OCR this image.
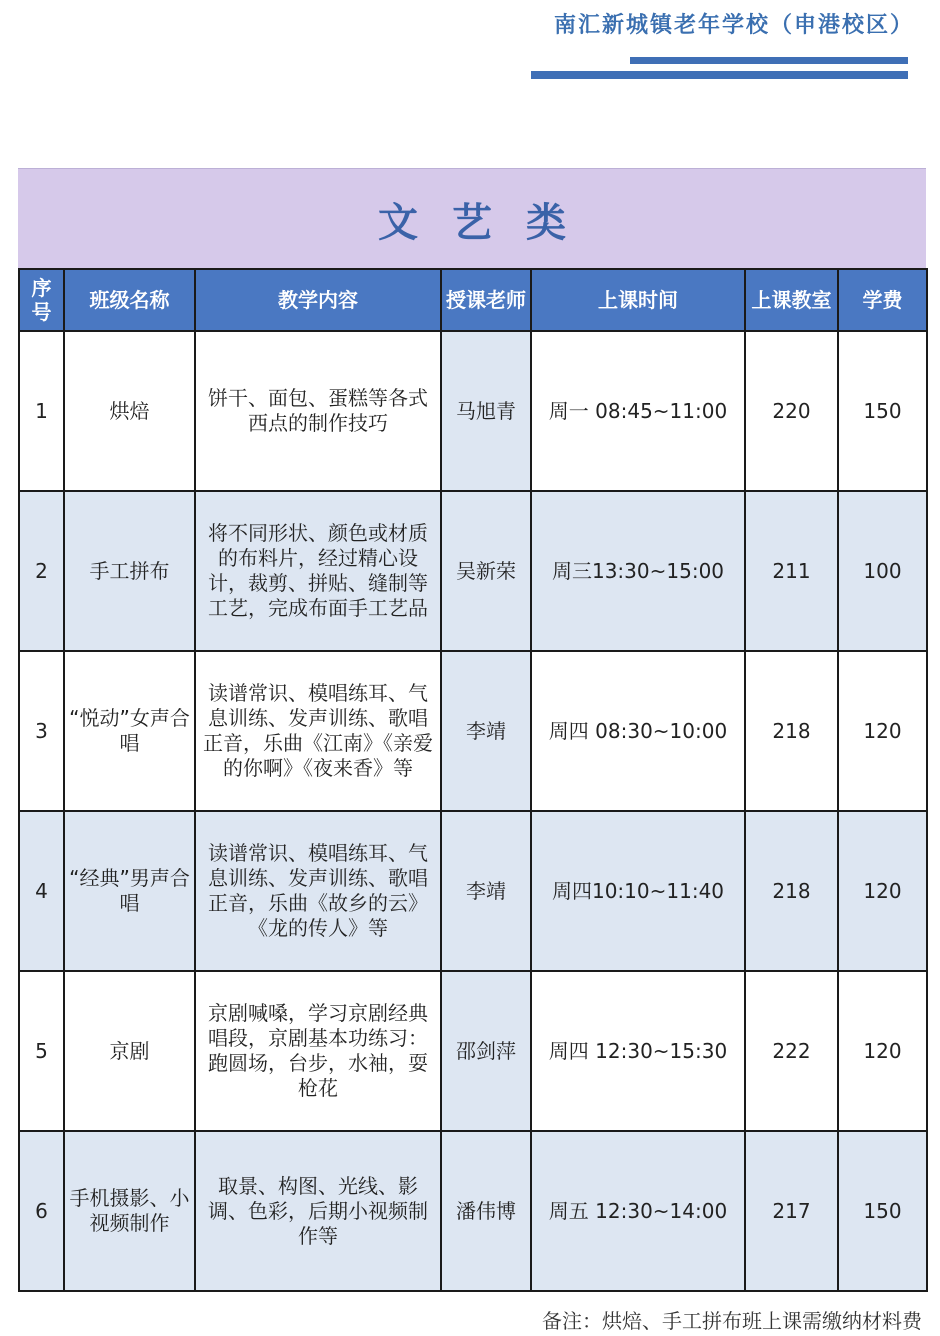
南汇新城镇老年学校（申港校区）
文艺类
序号	班级名称	教学内容	授课老师	上课时间	上课教室	学费
1	烘焙	饼干、面包、蛋糕等各式西点的制作技巧	马旭青	周一 08:45~11:00	220	150
2	手工拼布	将不同形状、颜色或材质的布料片，经过精心设计，裁剪、拼贴、缝制等工艺，完成布面手工艺品	吴新荣	周三13:30~15:00	211	100
3	“悦动”女声合唱	读谱常识、模唱练耳、气息训练、发声训练、歌唱 正音，乐曲《江南》《亲爱的你啊》《夜来香》等	李靖	周四 08:30~10:00	218	120
4	“经典”男声合唱	读谱常识、模唱练耳、气息训练、发声训练、歌唱 正音，乐曲《故乡的云》《龙的传人》等	李靖	周四10:10~11:40	218	120
5	京剧	京剧喊嗓，学习京剧经典唱段，京剧基本功练习：跑圆场，台步，水袖，耍枪花	邵剑萍	周四 12:30~15:30	222	120
6	手机摄影、小视频制作	取景、构图、光线、影调、色彩，后期小视频制作等	潘伟博	周五 12:30~14:00	217	150
备注：烘焙、手工拼布班上课需缴纳材料费
